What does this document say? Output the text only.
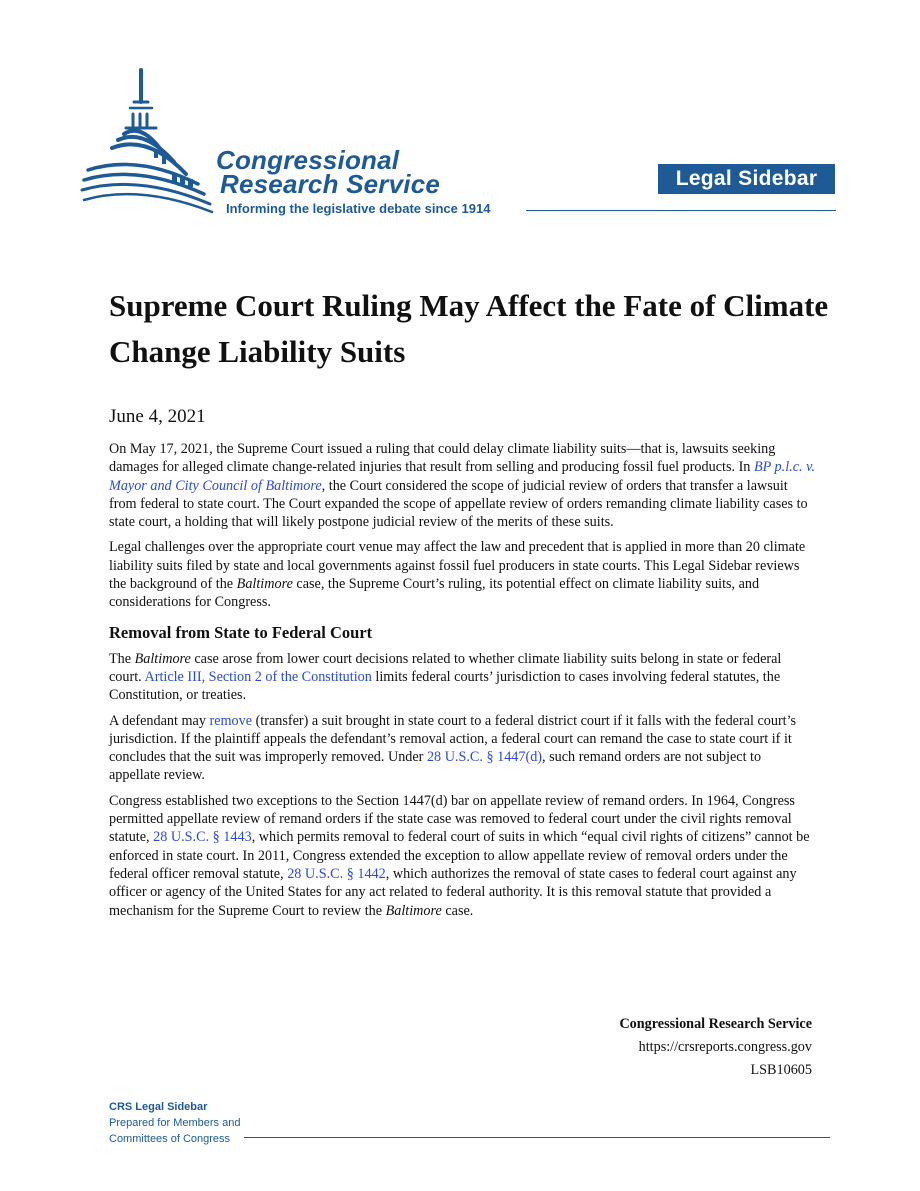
Congressional
Research Service
Informing the legislative debate since 1914
Legal Sidebar
Supreme Court Ruling May Affect the Fate of Climate Change Liability Suits
June 4, 2021

On May 17, 2021, the Supreme Court issued a ruling that could delay climate liability suits—that is, lawsuits seeking damages for alleged climate change-related injuries that result from selling and producing fossil fuel products. In BP p.l.c. v. Mayor and City Council of Baltimore, the Court considered the scope of judicial review of orders that transfer a lawsuit from federal to state court. The Court expanded the scope of appellate review of orders remanding climate liability cases to state court, a holding that will likely postpone judicial review of the merits of these suits.

Legal challenges over the appropriate court venue may affect the law and precedent that is applied in more than 20 climate liability suits filed by state and local governments against fossil fuel producers in state courts. This Legal Sidebar reviews the background of the Baltimore case, the Supreme Court’s ruling, its potential effect on climate liability suits, and considerations for Congress.

Removal from State to Federal Court

The Baltimore case arose from lower court decisions related to whether climate liability suits belong in state or federal court. Article III, Section 2 of the Constitution limits federal courts’ jurisdiction to cases involving federal statutes, the Constitution, or treaties.

A defendant may remove (transfer) a suit brought in state court to a federal district court if it falls with the federal court’s jurisdiction. If the plaintiff appeals the defendant’s removal action, a federal court can remand the case to state court if it concludes that the suit was improperly removed. Under 28 U.S.C. § 1447(d), such remand orders are not subject to appellate review.

Congress established two exceptions to the Section 1447(d) bar on appellate review of remand orders. In 1964, Congress permitted appellate review of remand orders if the state case was removed to federal court under the civil rights removal statute, 28 U.S.C. § 1443, which permits removal to federal court of suits in which “equal civil rights of citizens” cannot be enforced in state court. In 2011, Congress extended the exception to allow appellate review of removal orders under the federal officer removal statute, 28 U.S.C. § 1442, which authorizes the removal of state cases to federal court against any officer or agency of the United States for any act related to federal authority. It is this removal statute that provided a mechanism for the Supreme Court to review the Baltimore case.

Congressional Research Service
https://crsreports.congress.gov
LSB10605
CRS Legal Sidebar
Prepared for Members and
Committees of Congress
